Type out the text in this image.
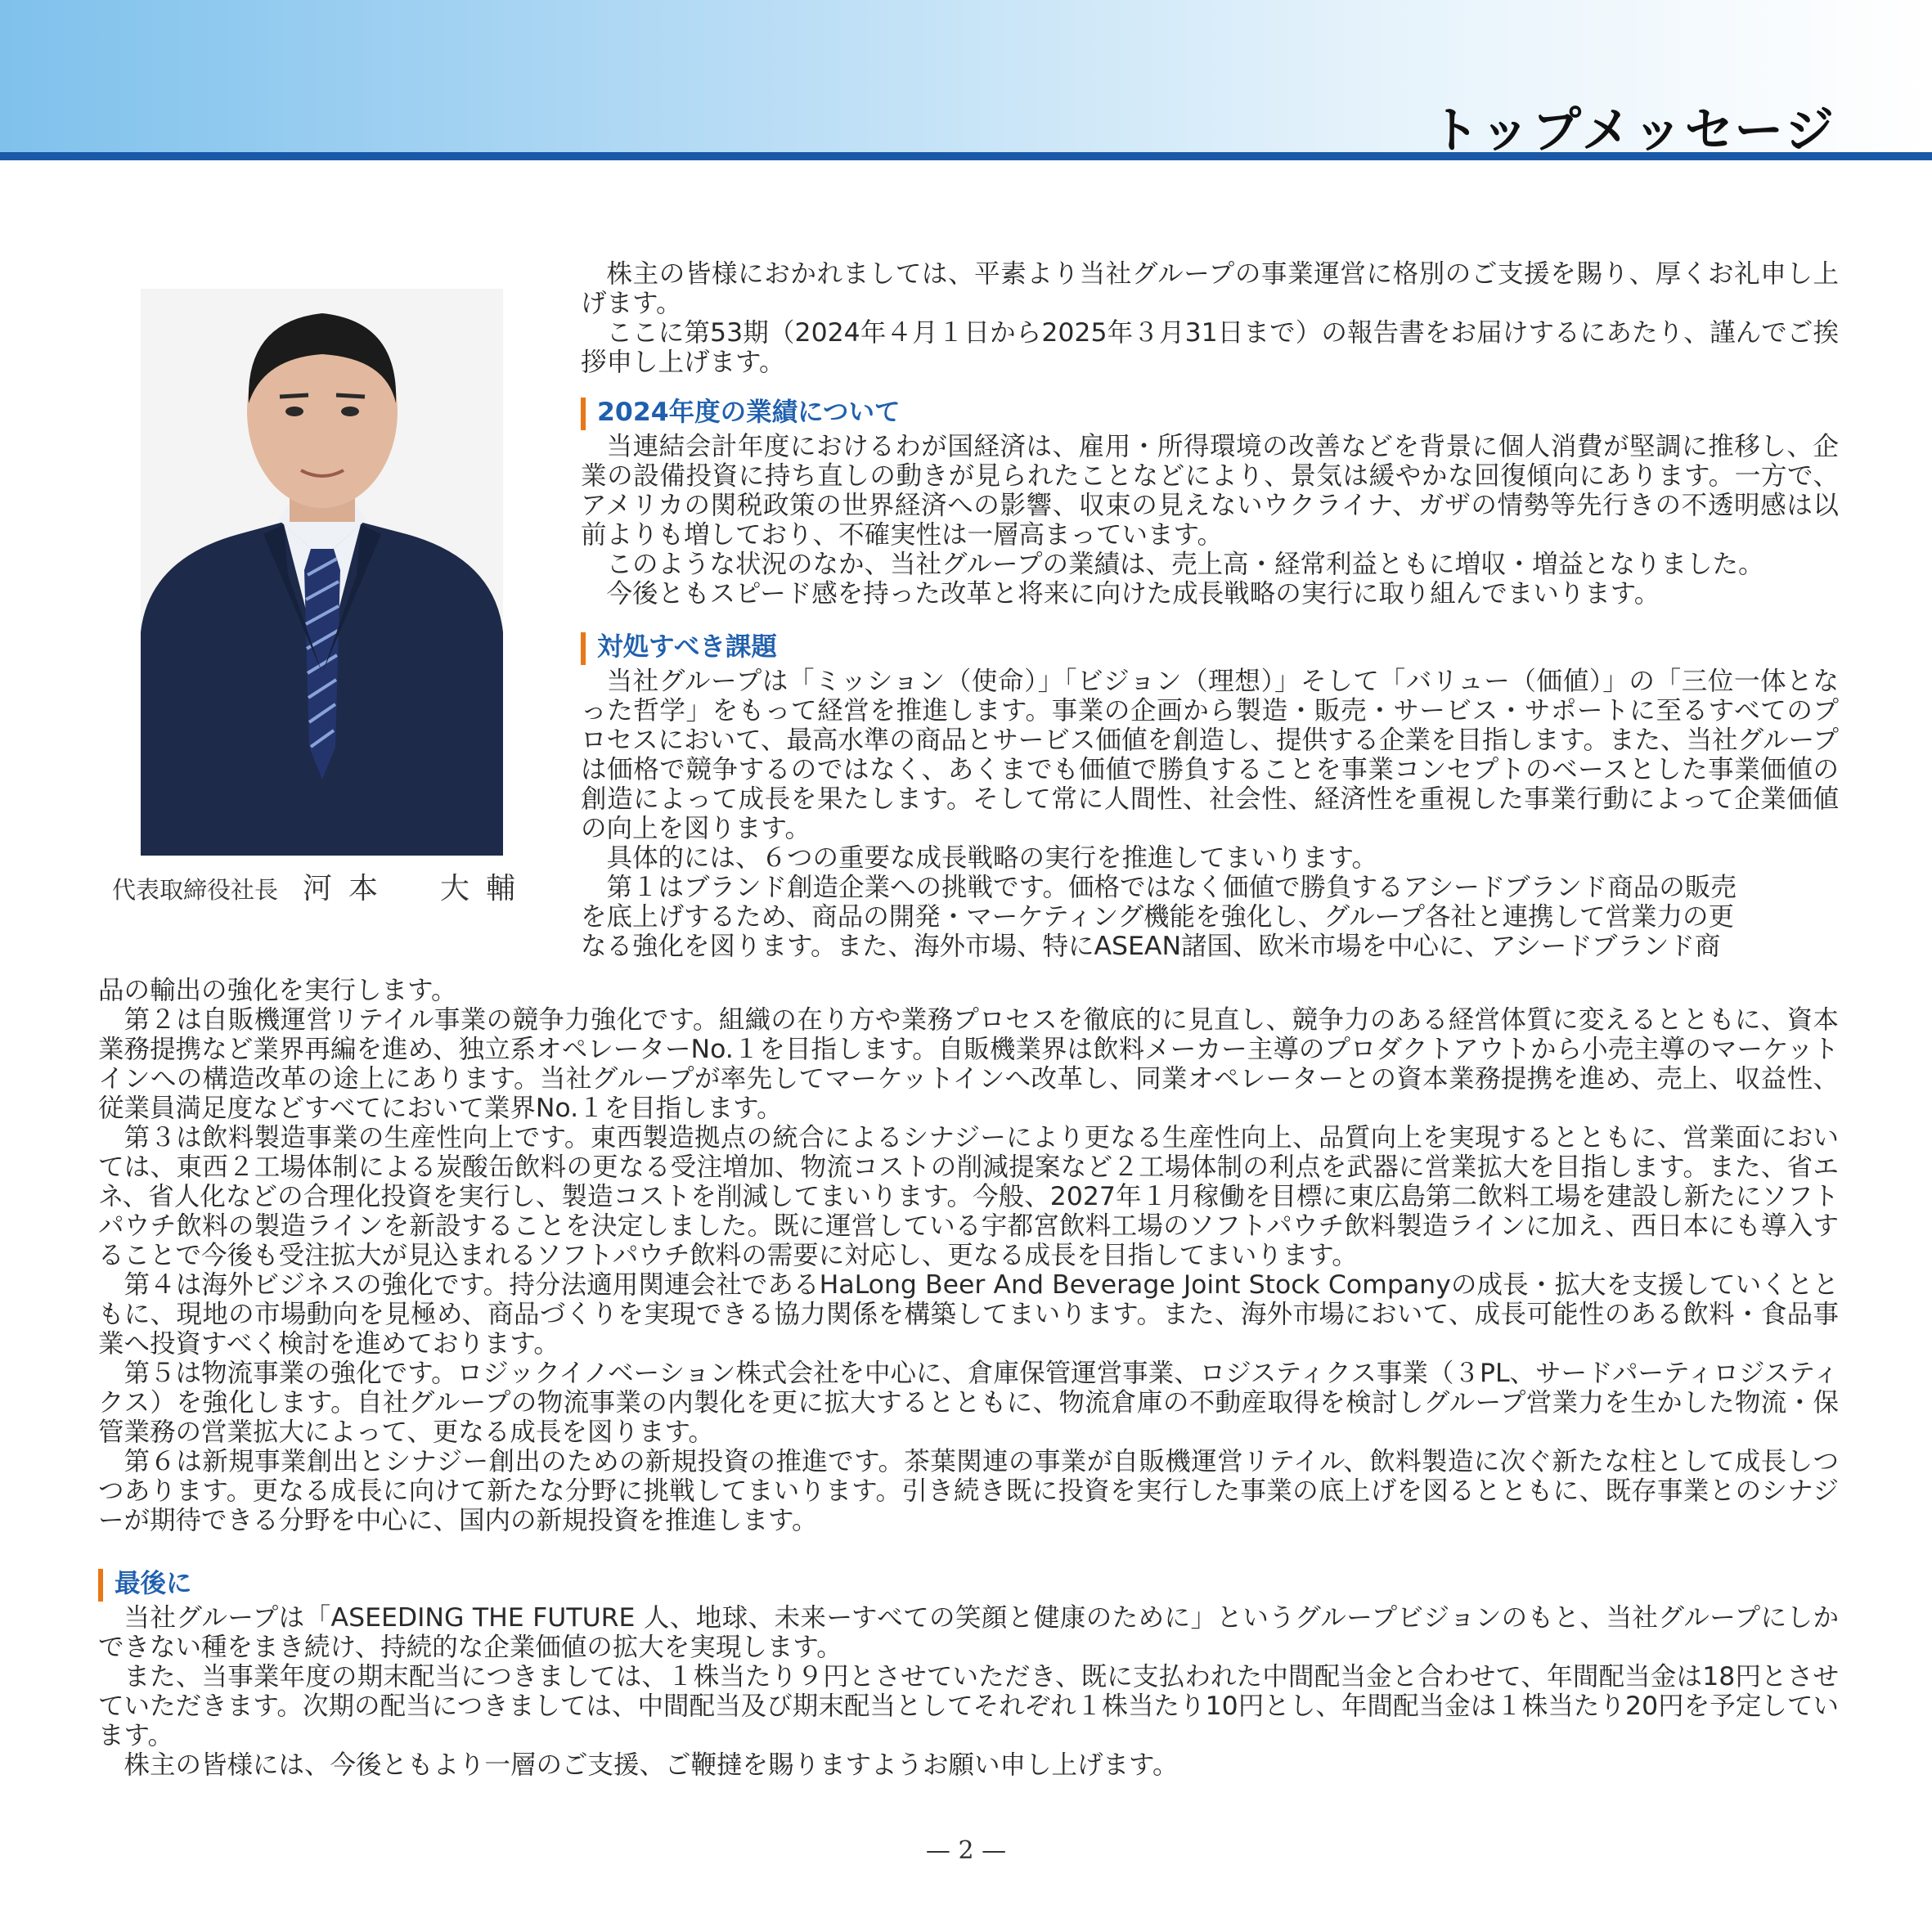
トップメッセージ
代表取締役社長 河本　大輔

株主の皆様におかれましては、平素より当社グループの事業運営に格別のご支援を賜り、厚くお礼申し上げます。

ここに第53期（2024年４月１日から2025年３月31日まで）の報告書をお届けするにあたり、謹んでご挨拶申し上げます。

2024年度の業績について

当連結会計年度におけるわが国経済は、雇用・所得環境の改善などを背景に個人消費が堅調に推移し、企業の設備投資に持ち直しの動きが見られたことなどにより、景気は緩やかな回復傾向にあります。一方で、アメリカの関税政策の世界経済への影響、収束の見えないウクライナ、ガザの情勢等先行きの不透明感は以前よりも増しており、不確実性は一層高まっています。

このような状況のなか、当社グループの業績は、売上高・経常利益ともに増収・増益となりました。

今後ともスピード感を持った改革と将来に向けた成長戦略の実行に取り組んでまいります。

対処すべき課題

当社グループは「ミッション（使命）」「ビジョン（理想）」そして「バリュー（価値）」の「三位一体となった哲学」をもって経営を推進します。事業の企画から製造・販売・サービス・サポートに至るすべてのプロセスにおいて、最高水準の商品とサービス価値を創造し、提供する企業を目指します。また、当社グループは価格で競争するのではなく、あくまでも価値で勝負することを事業コンセプトのベースとした事業価値の創造によって成長を果たします。そして常に人間性、社会性、経済性を重視した事業行動によって企業価値の向上を図ります。

具体的には、６つの重要な成長戦略の実行を推進してまいります。

第１はブランド創造企業への挑戦です。価格ではなく価値で勝負するアシードブランド商品の販売

を底上げするため、商品の開発・マーケティング機能を強化し、グループ各社と連携して営業力の更

なる強化を図ります。また、海外市場、特にASEAN諸国、欧米市場を中心に、アシードブランド商

品の輸出の強化を実行します。

第２は自販機運営リテイル事業の競争力強化です。組織の在り方や業務プロセスを徹底的に見直し、競争力のある経営体質に変えるとともに、資本業務提携など業界再編を進め、独立系オペレーターNo.１を目指します。自販機業界は飲料メーカー主導のプロダクトアウトから小売主導のマーケットインへの構造改革の途上にあります。当社グループが率先してマーケットインへ改革し、同業オペレーターとの資本業務提携を進め、売上、収益性、従業員満足度などすべてにおいて業界No.１を目指します。

第３は飲料製造事業の生産性向上です。東西製造拠点の統合によるシナジーにより更なる生産性向上、品質向上を実現するとともに、営業面においては、東西２工場体制による炭酸缶飲料の更なる受注増加、物流コストの削減提案など２工場体制の利点を武器に営業拡大を目指します。また、省エネ、省人化などの合理化投資を実行し、製造コストを削減してまいります。今般、2027年１月稼働を目標に東広島第二飲料工場を建設し新たにソフトパウチ飲料の製造ラインを新設することを決定しました。既に運営している宇都宮飲料工場のソフトパウチ飲料製造ラインに加え、西日本にも導入することで今後も受注拡大が見込まれるソフトパウチ飲料の需要に対応し、更なる成長を目指してまいります。

第４は海外ビジネスの強化です。持分法適用関連会社であるHaLong Beer And Beverage Joint Stock Companyの成長・拡大を支援していくとともに、現地の市場動向を見極め、商品づくりを実現できる協力関係を構築してまいります。また、海外市場において、成長可能性のある飲料・食品事業へ投資すべく検討を進めております。

第５は物流事業の強化です。ロジックイノベーション株式会社を中心に、倉庫保管運営事業、ロジスティクス事業（３PL、サードパーティロジスティクス）を強化します。自社グループの物流事業の内製化を更に拡大するとともに、物流倉庫の不動産取得を検討しグループ営業力を生かした物流・保管業務の営業拡大によって、更なる成長を図ります。

第６は新規事業創出とシナジー創出のための新規投資の推進です。茶葉関連の事業が自販機運営リテイル、飲料製造に次ぐ新たな柱として成長しつつあります。更なる成長に向けて新たな分野に挑戦してまいります。引き続き既に投資を実行した事業の底上げを図るとともに、既存事業とのシナジーが期待できる分野を中心に、国内の新規投資を推進します。

最後に

当社グループは「ASEEDING THE FUTURE 人、地球、未来ーすべての笑顔と健康のために」というグループビジョンのもと、当社グループにしかできない種をまき続け、持続的な企業価値の拡大を実現します。

また、当事業年度の期末配当につきましては、１株当たり９円とさせていただき、既に支払われた中間配当金と合わせて、年間配当金は18円とさせていただきます。次期の配当につきましては、中間配当及び期末配当としてそれぞれ１株当たり10円とし、年間配当金は１株当たり20円を予定しています。

株主の皆様には、今後ともより一層のご支援、ご鞭撻を賜りますようお願い申し上げます。

— 2 —
